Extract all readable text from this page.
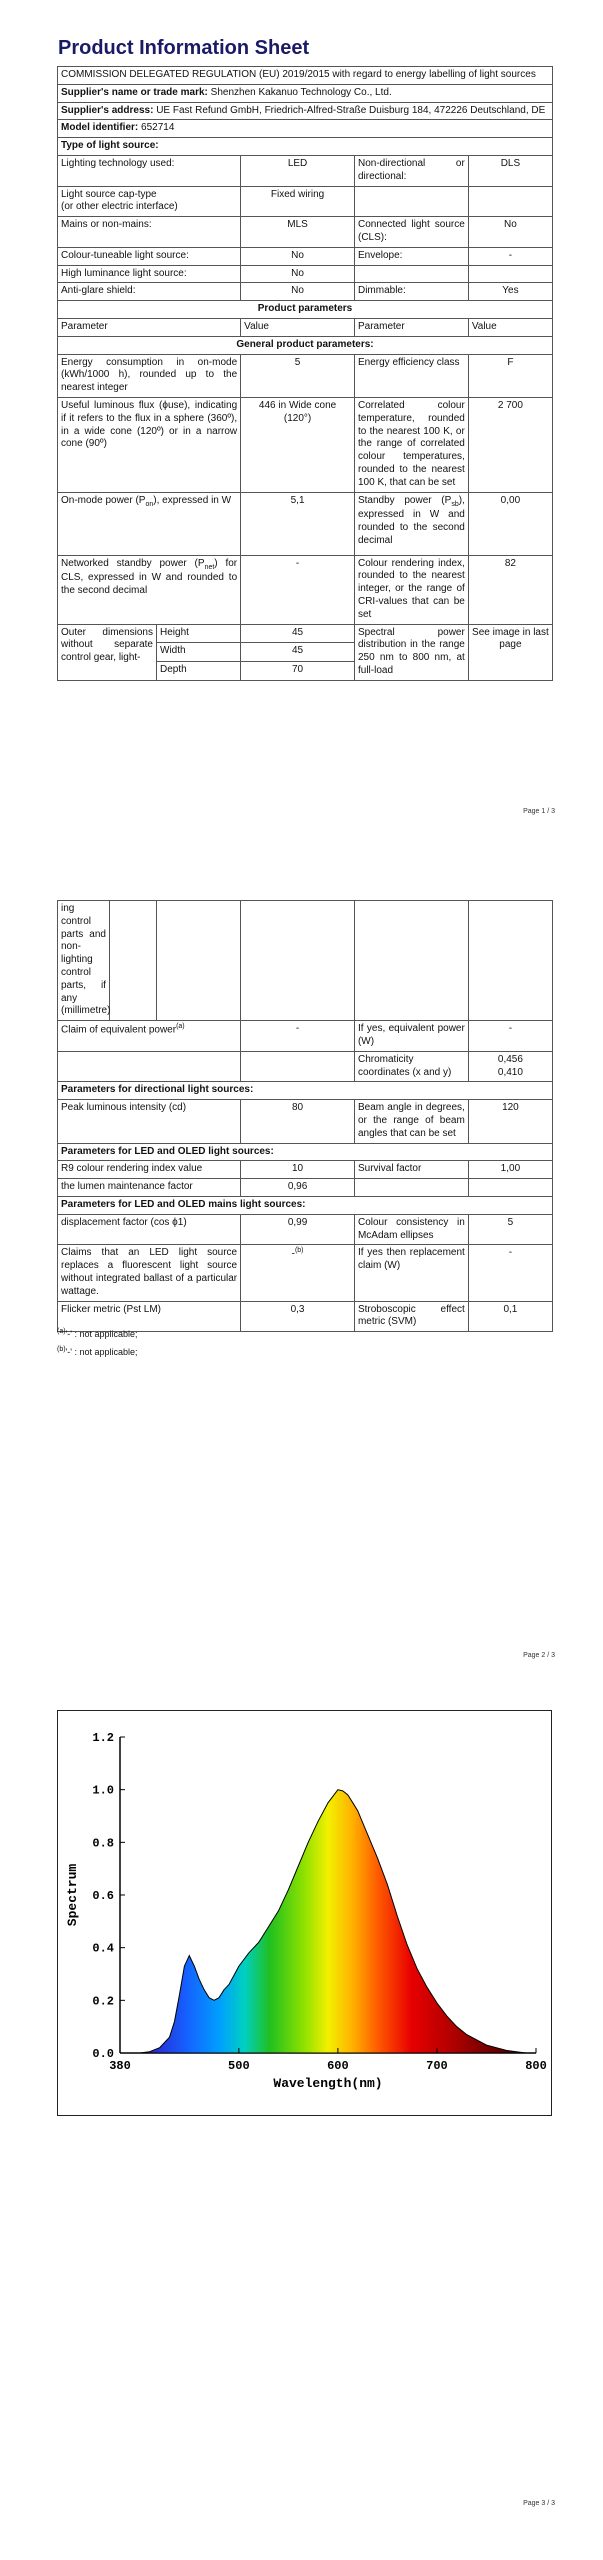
Product Information Sheet
COMMISSION DELEGATED REGULATION (EU) 2019/2015 with regard to energy labelling of light sources				
Supplier's name or trade mark: Shenzhen Kakanuo Technology Co., Ltd.				
Supplier's address: UE Fast Refund GmbH, Friedrich-Alfred-Straße Duisburg 184, 472226 Deutschland, DE				
Model identifier: 652714				
Type of light source:				
Lighting technology used:		LED	Non-directional or directional:	DLS

Light source cap-type
(or other electric interface)		Fixed wiring		
Mains or non-mains:		MLS	Connected light source (CLS):	No
Colour-tuneable light source:		No	Envelope:	-
High luminance light source:		No		
Anti-glare shield:		No	Dimmable:	Yes
Product parameters				
Parameter		Value	Parameter	Value
General product parameters:				
Energy consumption in on-mode (kWh/1000 h), rounded up to the nearest integer		5	Energy efficiency class	F
Useful luminous flux (ϕuse), indicating if it refers to the flux in a sphere (360º), in a wide cone (120º) or in a narrow cone (90º)		446 in Wide cone (120°)	Correlated colour temperature, rounded to the nearest 100 K, or the range of correlated colour temperatures, rounded to the nearest 100 K, that can be set	2 700
On-mode power $(P_{on})$, expressed in W		5,1	Standby power $(P_{sb})$, expressed in W and rounded to the second decimal	0,00
Networked standby power $(P_{net})$ for CLS, expressed in W and rounded to the second decimal		-	Colour rendering index, rounded to the nearest integer, or the range of CRI-values that can be set	82
Outer dimensions without separate control gear, light-	Height	45	Spectral power distribution in the range 250 nm to 800 nm, at full-load	See image in last page
	Width	45		
	Depth	70		
Page 1 / 3
ing control parts and non-lighting control parts, if any (millimetre)					
Claim of equivalent power$^{(a)}$			-	If yes, equivalent power (W)	-
				Chromaticity coordinates (x and y)	0,456
0,410

Parameters for directional light sources:					
Peak luminous intensity (cd)			80	Beam angle in degrees, or the range of beam angles that can be set	120
Parameters for LED and OLED light sources:					
R9 colour rendering index value			10	Survival factor	1,00
the lumen maintenance factor			0,96		
Parameters for LED and OLED mains light sources:					
displacement factor (cos ϕ1)			0,99	Colour consistency in McAdam ellipses	5
Claims that an LED light source replaces a fluorescent light source without integrated ballast of a particular wattage.			-$^{(b)}$	If yes then replacement claim (W)	-
Flicker metric (Pst LM)			0,3	Stroboscopic effect metric (SVM)	0,1
$^{(a)}$'-' : not applicable;
$^{(b)}$'-' : not applicable;
Page 2 / 3
Page 3 / 3
380	500	600	700	800
0.0
0.2
0.4
0.6
0.8
1.0
1.2
Wavelength(nm)
Spectrum
